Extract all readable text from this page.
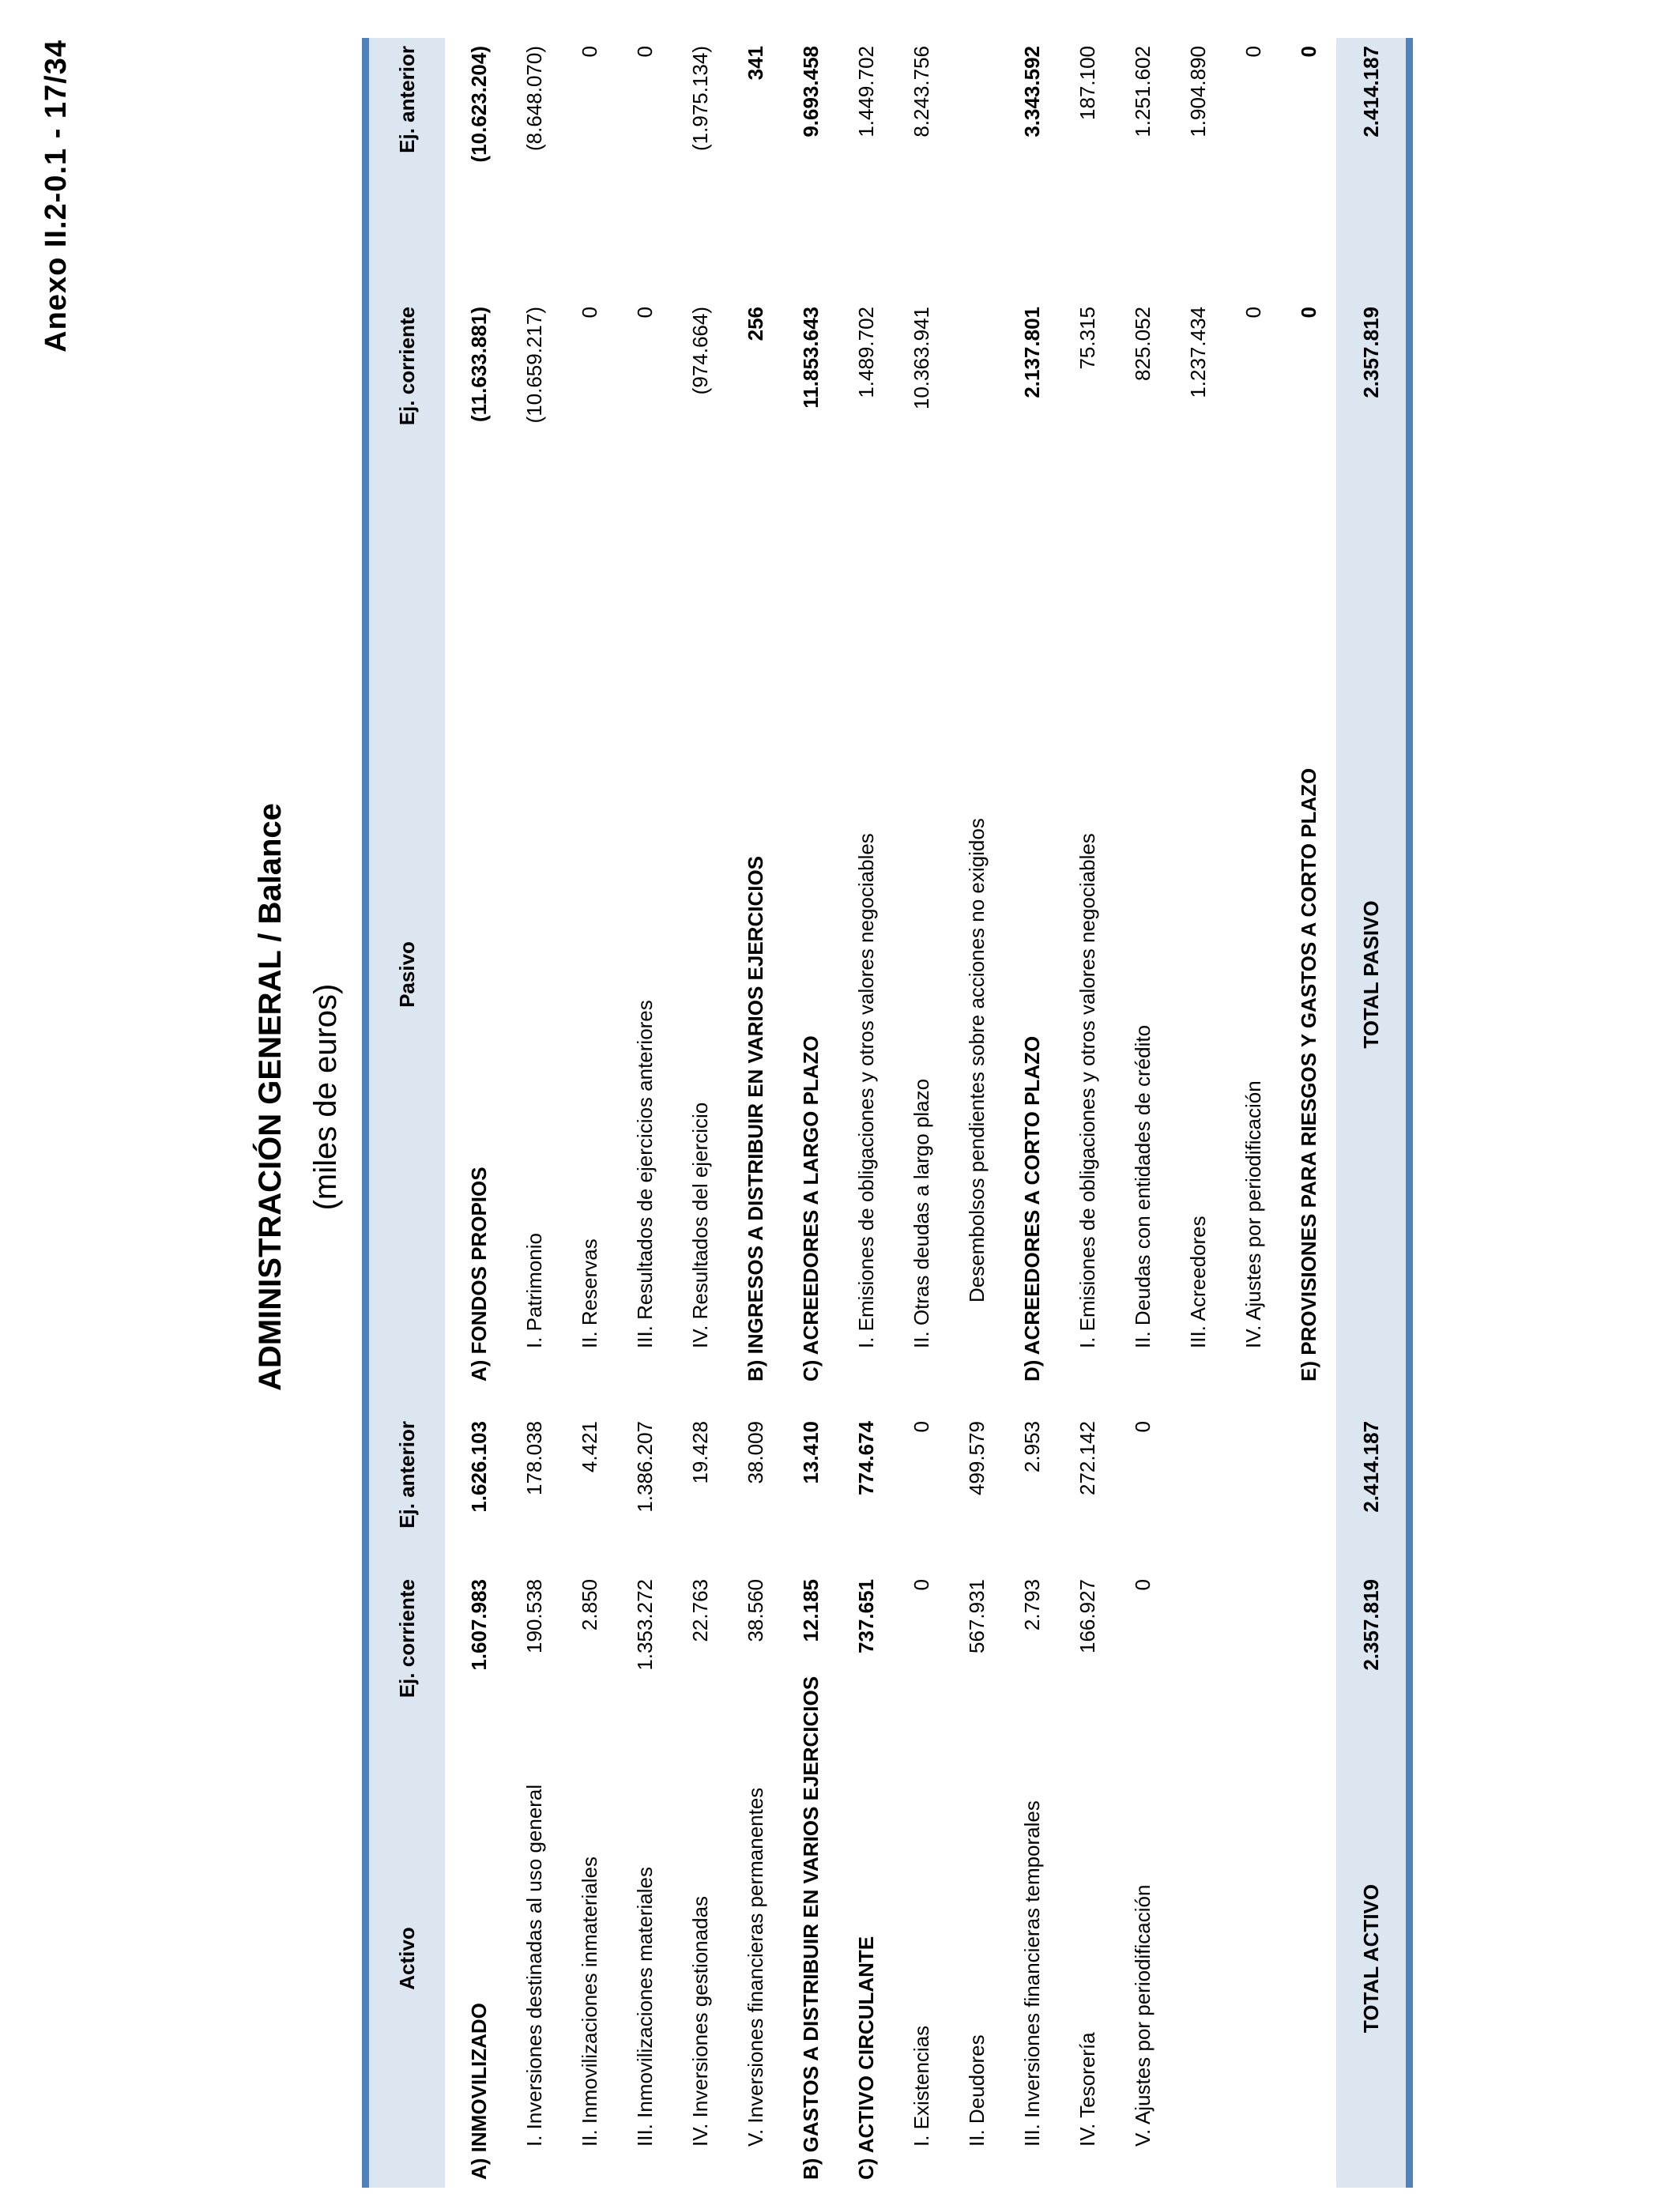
Anexo II.2-0.1 - 17/34
ADMINISTRACIÓN GENERAL / Balance (miles de euros)
Activo	Ej. corriente	Ej. anterior		Pasivo	Ej. corriente	Ej. anterior
A) INMOVILIZADO	1.607.983	1.626.103		A) FONDOS PROPIOS	(11.633.881)	(10.623.204)
I. Inversiones destinadas al uso general	190.538	178.038		I. Patrimonio	(10.659.217)	(8.648.070)
II. Inmovilizaciones inmateriales	2.850	4.421		II. Reservas	0	0
III. Inmovilizaciones materiales	1.353.272	1.386.207		III. Resultados de ejercicios anteriores	0	0
IV. Inversiones gestionadas	22.763	19.428		IV. Resultados del ejercicio	(974.664)	(1.975.134)
V. Inversiones financieras permanentes	38.560	38.009		B) INGRESOS A DISTRIBUIR EN VARIOS EJERCICIOS	256	341
B) GASTOS A DISTRIBUIR EN VARIOS EJERCICIOS	12.185	13.410		C) ACREEDORES A LARGO PLAZO	11.853.643	9.693.458
C) ACTIVO CIRCULANTE	737.651	774.674		I. Emisiones de obligaciones y otros valores negociables	1.489.702	1.449.702
I. Existencias	0	0		II. Otras deudas a largo plazo	10.363.941	8.243.756
II. Deudores	567.931	499.579		Desembolsos pendientes sobre acciones no exigidos		
III. Inversiones financieras temporales	2.793	2.953		D) ACREEDORES A CORTO PLAZO	2.137.801	3.343.592
IV. Tesorería	166.927	272.142		I. Emisiones de obligaciones y otros valores negociables	75.315	187.100
V. Ajustes por periodificación	0	0		II. Deudas con entidades de crédito	825.052	1.251.602
				III. Acreedores	1.237.434	1.904.890
				IV. Ajustes por periodificación	0	0
				E) PROVISIONES PARA RIESGOS Y GASTOS A CORTO PLAZO	0	0
TOTAL ACTIVO	2.357.819	2.414.187		TOTAL PASIVO	2.357.819	2.414.187
